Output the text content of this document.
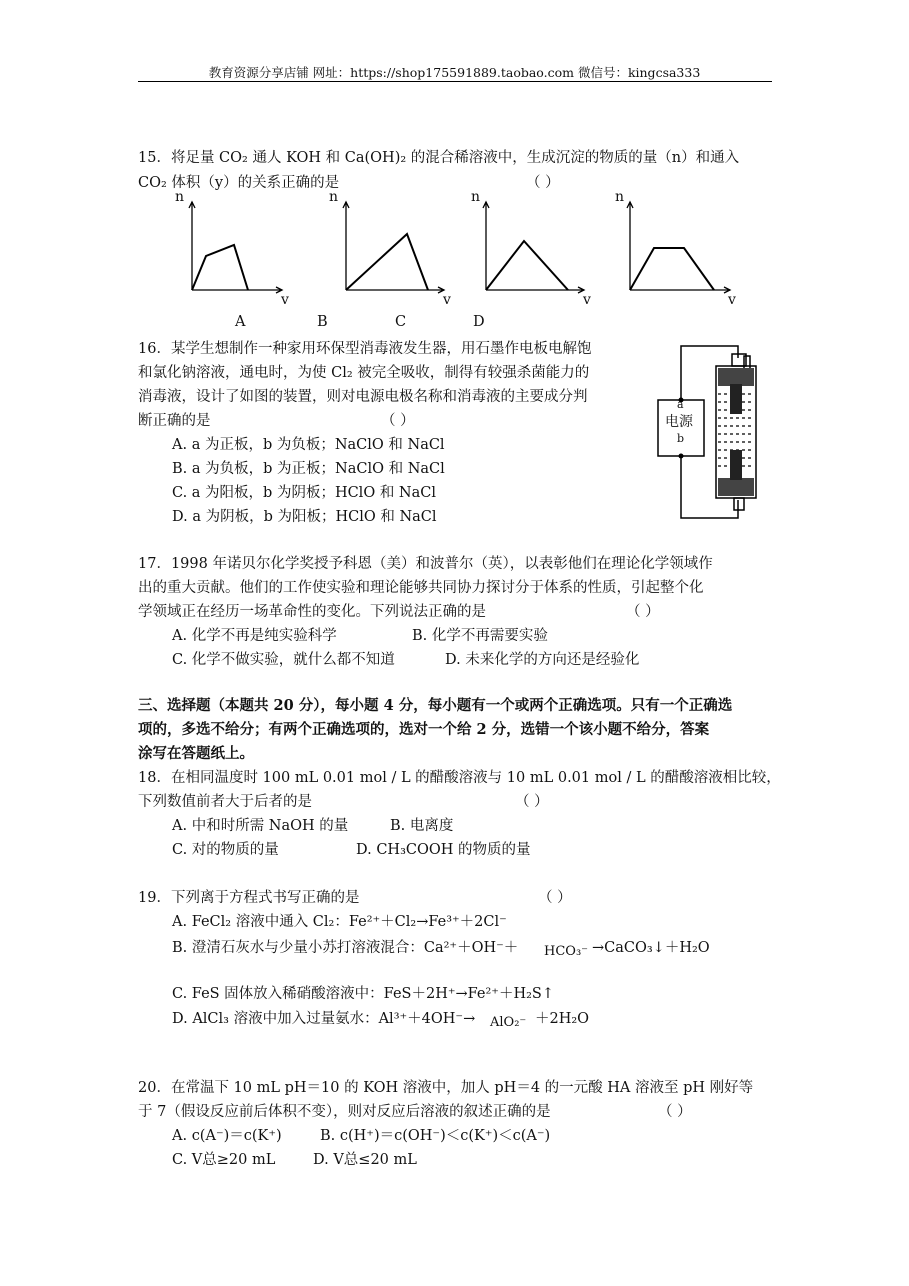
教育资源分享店铺 网址：https://shop175591889.taobao.com 微信号：kingcsa333
15．将足量 CO₂ 通人 KOH 和 Ca(OH)₂ 的混合稀溶液中，生成沉淀的物质的量（n）和通入
CO₂ 体积（y）的关系正确的是	（ ）
n
v
n
v
n
v
n
v
A	B	C	D
16．某学生想制作一种家用环保型消毒液发生器，用石墨作电板电解饱
和氯化钠溶液，通电时，为使 Cl₂ 被完全吸收，制得有较强杀菌能力的
消毒液，设计了如图的装置，则对电源电极名称和消毒液的主要成分判
断正确的是	（ ）
A. a 为正板，b 为负板；NaClO 和 NaCl
B. a 为负板，b 为正板；NaClO 和 NaCl
C. a 为阳板，b 为阴板；HClO 和 NaCl
D. a 为阴板，b 为阳板；HClO 和 NaCl
a
电源
b
17．1998 年诺贝尔化学奖授予科恩（美）和波普尔（英），以表彰他们在理论化学领域作
出的重大贡献。他们的工作使实验和理论能够共同协力探讨分于体系的性质，引起整个化
学领域正在经历一场革命性的变化。下列说法正确的是	（ ）
A. 化学不再是纯实验科学	B. 化学不再需要实验
C. 化学不做实验，就什么都不知道	D. 未来化学的方向还是经验化
三、选择题（本题共 20 分），每小题 4 分，每小题有一个或两个正确选项。只有一个正确选
项的，多选不给分；有两个正确选项的，选对一个给 2 分，选错一个该小题不给分，答案
涂写在答题纸上。
18．在相同温度时 100 mL 0.01 mol / L 的醋酸溶液与 10 mL 0.01 mol / L 的醋酸溶液相比较，
下列数值前者大于后者的是	（ ）
A. 中和时所需 NaOH 的量	B. 电离度
C. 对的物质的量	D. CH₃COOH 的物质的量
19．下列离于方程式书写正确的是	（ ）
A. FeCl₂ 溶液中通入 Cl₂：Fe²⁺＋Cl₂→Fe³⁺＋2Cl⁻
B. 澄清石灰水与少量小苏打溶液混合：Ca²⁺＋OH⁻＋ HCO₃⁻ →CaCO₃↓＋H₂O
C. FeS 固体放入稀硝酸溶液中：FeS＋2H⁺→Fe²⁺＋H₂S↑
D. AlCl₃ 溶液中加入过量氨水：Al³⁺＋4OH⁻→ AlO₂⁻ ＋2H₂O
20．在常温下 10 mL pH＝10 的 KOH 溶液中，加人 pH＝4 的一元酸 HA 溶液至 pH 刚好等
于 7（假设反应前后体积不变），则对反应后溶液的叙述正确的是	（ ）
A. c(A⁻)＝c(K⁺)	B. c(H⁺)＝c(OH⁻)＜c(K⁺)＜c(A⁻)
C. V总≥20 mL	D. V总≤20 mL
